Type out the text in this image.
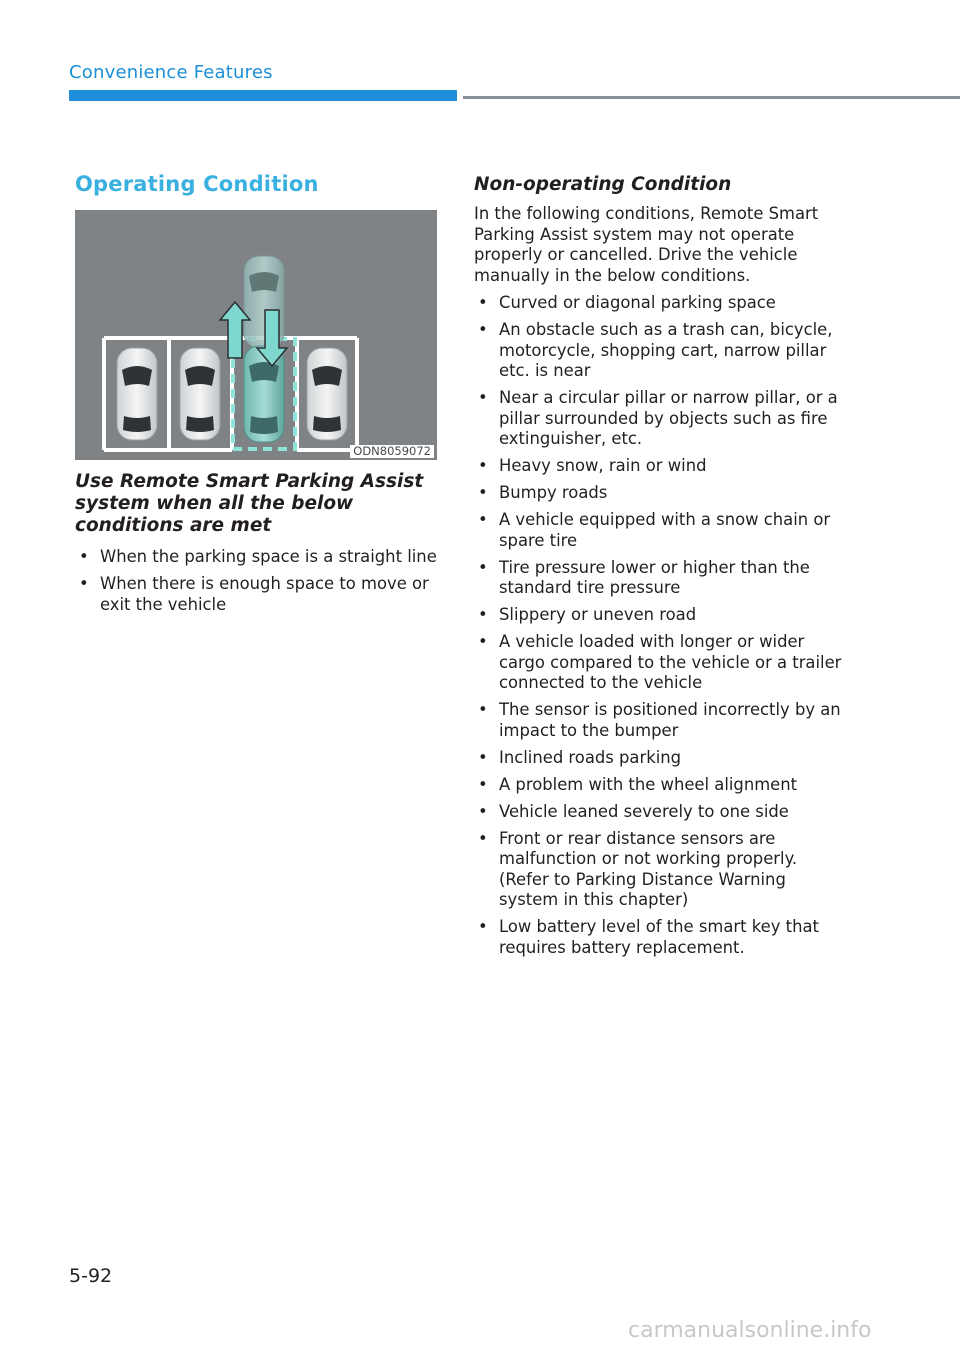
Convenience Features
Operating Condition
ODN8059072
Use Remote Smart Parking Assist system when all the below conditions are met
• When the parking space is a straight line
• When there is enough space to move or exit the vehicle
Non-operating Condition
In the following conditions, Remote Smart Parking Assist system may not operate properly or cancelled. Drive the vehicle manually in the below conditions.
• Curved or diagonal parking space
• An obstacle such as a trash can, bicycle, motorcycle, shopping cart, narrow pillar etc. is near
• Near a circular pillar or narrow pillar, or a pillar surrounded by objects such as fire extinguisher, etc.
• Heavy snow, rain or wind
• Bumpy roads
• A vehicle equipped with a snow chain or spare tire
• Tire pressure lower or higher than the standard tire pressure
• Slippery or uneven road
• A vehicle loaded with longer or wider cargo compared to the vehicle or a trailer connected to the vehicle
• The sensor is positioned incorrectly by an impact to the bumper
• Inclined roads parking
• A problem with the wheel alignment
• Vehicle leaned severely to one side
• Front or rear distance sensors are malfunction or not working properly. (Refer to Parking Distance Warning system in this chapter)
• Low battery level of the smart key that requires battery replacement.
5-92
carmanualsonline.info
